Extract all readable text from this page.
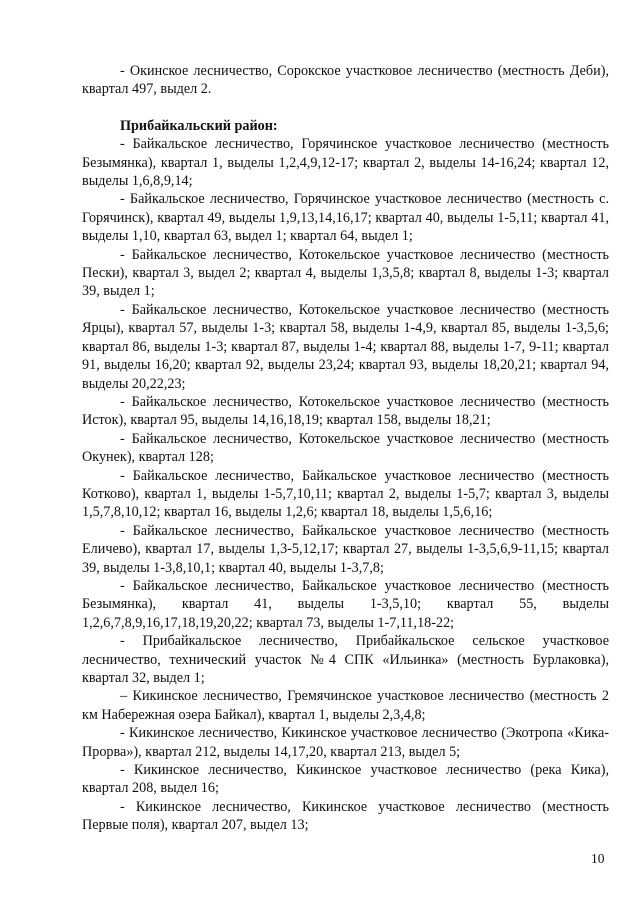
- Окинское лесничество, Сорокское участковое лесничество (местность Деби), квартал 497, выдел 2.

Прибайкальский район:

- Байкальское лесничество, Горячинское участковое лесничество (местность Безымянка), квартал 1, выделы 1,2,4,9,12-17; квартал 2, выделы 14-16,24; квартал 12, выделы 1,6,8,9,14;

- Байкальское лесничество, Горячинское участковое лесничество (местность с. Горячинск), квартал 49, выделы 1,9,13,14,16,17; квартал 40, выделы 1-5,11; квартал 41, выделы 1,10, квартал 63, выдел 1; квартал 64, выдел 1;

- Байкальское лесничество, Котокельское участковое лесничество (местность Пески), квартал 3, выдел 2; квартал 4, выделы 1,3,5,8; квартал 8, выделы 1-3; квартал 39, выдел 1;

- Байкальское лесничество, Котокельское участковое лесничество (местность Ярцы), квартал 57, выделы 1-3; квартал 58, выделы 1-4,9, квартал 85, выделы 1-3,5,6; квартал 86, выделы 1-3; квартал 87, выделы 1-4; квартал 88, выделы 1-7, 9-11; квартал 91, выделы 16,20; квартал 92, выделы 23,24; квартал 93, выделы 18,20,21; квартал 94, выделы 20,22,23;

- Байкальское лесничество, Котокельское участковое лесничество (местность Исток), квартал 95, выделы 14,16,18,19; квартал 158, выделы 18,21;

- Байкальское лесничество, Котокельское участковое лесничество (местность Окунек), квартал 128;

- Байкальское лесничество, Байкальское участковое лесничество (местность Котково), квартал 1, выделы 1-5,7,10,11; квартал 2, выделы 1-5,7; квартал 3, выделы 1,5,7,8,10,12; квартал 16, выделы 1,2,6; квартал 18, выделы 1,5,6,16;

- Байкальское лесничество, Байкальское участковое лесничество (местность Еличево), квартал 17, выделы 1,3-5,12,17; квартал 27, выделы 1-3,5,6,9-11,15; квартал 39, выделы 1-3,8,10,1; квартал 40, выделы 1-3,7,8;

- Байкальское лесничество, Байкальское участковое лесничество (местность Безымянка), квартал 41, выделы 1-3,5,10; квартал 55, выделы 1,2,6,7,8,9,16,17,18,19,20,22; квартал 73, выделы 1-7,11,18-22;

- Прибайкальское лесничество, Прибайкальское сельское участковое лесничество, технический участок №4 СПК «Ильинка» (местность Бурлаковка), квартал 32, выдел 1;

– Кикинское лесничество, Гремячинское участковое лесничество (местность 2 км Набережная озера Байкал), квартал 1, выделы 2,3,4,8;

- Кикинское лесничество, Кикинское участковое лесничество (Экотропа «Кика-Прорва»), квартал 212, выделы 14,17,20, квартал 213, выдел 5;

- Кикинское лесничество, Кикинское участковое лесничество (река Кика), квартал 208, выдел 16;

- Кикинское лесничество, Кикинское участковое лесничество (местность Первые поля), квартал 207, выдел 13;

10
